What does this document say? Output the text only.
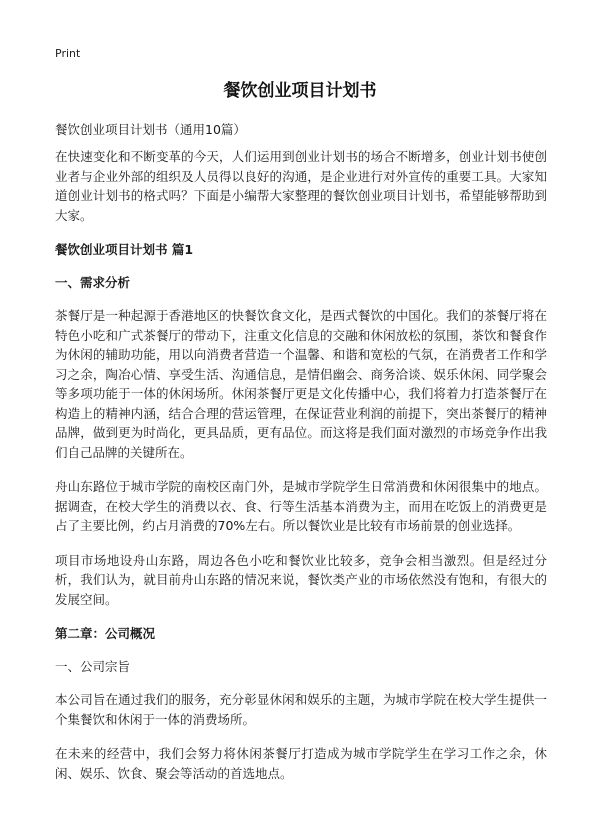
Print
餐饮创业项目计划书
餐饮创业项目计划书（通用10篇）

在快速变化和不断变革的今天，人们运用到创业计划书的场合不断增多，创业计划书使创业者与企业外部的组织及人员得以良好的沟通，是企业进行对外宣传的重要工具。大家知道创业计划书的格式吗？下面是小编帮大家整理的餐饮创业项目计划书，希望能够帮助到大家。

餐饮创业项目计划书 篇1
一、需求分析

茶餐厅是一种起源于香港地区的快餐饮食文化，是西式餐饮的中国化。我们的茶餐厅将在特色小吃和广式茶餐厅的带动下，注重文化信息的交融和休闲放松的氛围，茶饮和餐食作为休闲的辅助功能，用以向消费者营造一个温馨、和谐和宽松的气氛，在消费者工作和学习之余，陶冶心情、享受生活、沟通信息，是情侣幽会、商务洽谈、娱乐休闲、同学聚会等多项功能于一体的休闲场所。休闲茶餐厅更是文化传播中心，我们将着力打造茶餐厅在构造上的精神内涵，结合合理的营运管理，在保证营业利润的前提下，突出茶餐厅的精神品牌，做到更为时尚化，更具品质，更有品位。而这将是我们面对激烈的市场竞争作出我们自己品牌的关键所在。

舟山东路位于城市学院的南校区南门外，是城市学院学生日常消费和休闲很集中的地点。据调查，在校大学生的消费以衣、食、行等生活基本消费为主，而用在吃饭上的消费更是占了主要比例，约占月消费的70%左右。所以餐饮业是比较有市场前景的创业选择。

项目市场地设舟山东路，周边各色小吃和餐饮业比较多，竞争会相当激烈。但是经过分析，我们认为，就目前舟山东路的情况来说，餐饮类产业的市场依然没有饱和，有很大的发展空间。

第二章：公司概况
一、公司宗旨

本公司旨在通过我们的服务，充分彰显休闲和娱乐的主题，为城市学院在校大学生提供一个集餐饮和休闲于一体的消费场所。

在未来的经营中，我们会努力将休闲茶餐厅打造成为城市学院学生在学习工作之余，休闲、娱乐、饮食、聚会等活动的首选地点。
